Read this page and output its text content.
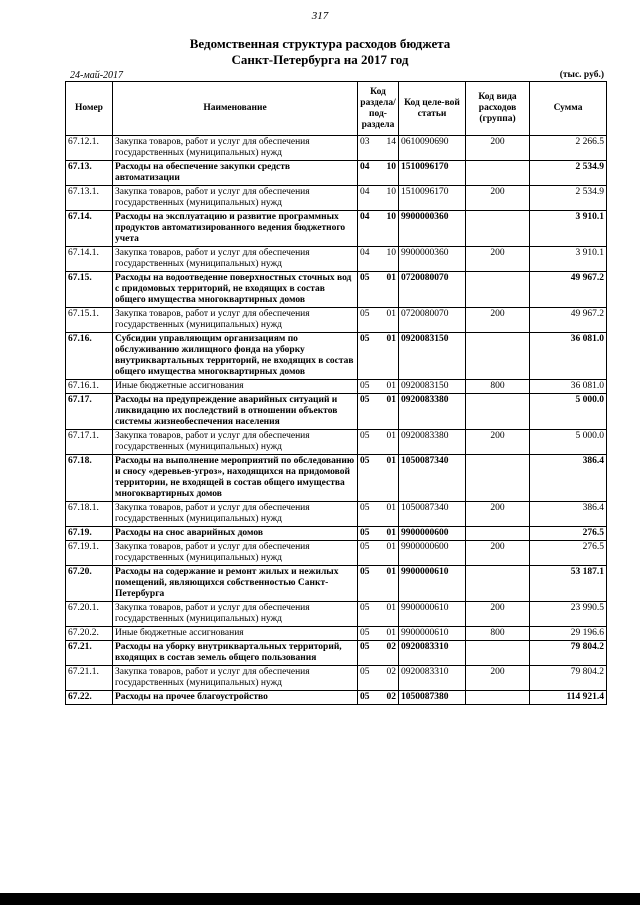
317
Ведомственная структура расходов бюджета
Санкт-Петербурга на 2017 год
24-май-2017	(тыс. руб.)
Номер	Наименование	Код раздела/ под-раздела		Код целе-вой статьи	Код вида расходов (группа)	Сумма
67.12.1.	Закупка товаров, работ и услуг для обеспечения государственных (муниципальных) нужд	03	14	0610090690	200	2 266.5
67.13.	Расходы на обеспечение закупки средств автоматизации	04	10	1510096170		2 534.9
67.13.1.	Закупка товаров, работ и услуг для обеспечения государственных (муниципальных) нужд	04	10	1510096170	200	2 534.9
67.14.	Расходы на эксплуатацию и развитие программных продуктов автоматизированного ведения бюджетного учета	04	10	9900000360		3 910.1
67.14.1.	Закупка товаров, работ и услуг для обеспечения государственных (муниципальных) нужд	04	10	9900000360	200	3 910.1
67.15.	Расходы на водоотведение поверхностных сточных вод с придомовых территорий, не входящих в состав общего имущества многоквартирных домов	05	01	0720080070		49 967.2
67.15.1.	Закупка товаров, работ и услуг для обеспечения государственных (муниципальных) нужд	05	01	0720080070	200	49 967.2
67.16.	Субсидии управляющим организациям по обслуживанию жилищного фонда на уборку внутриквартальных территорий, не входящих в состав общего имущества многоквартирных домов	05	01	0920083150		36 081.0
67.16.1.	Иные бюджетные ассигнования	05	01	0920083150	800	36 081.0
67.17.	Расходы на предупреждение аварийных ситуаций и ликвидацию их последствий в отношении объектов системы жизнеобеспечения населения	05	01	0920083380		5 000.0
67.17.1.	Закупка товаров, работ и услуг для обеспечения государственных (муниципальных) нужд	05	01	0920083380	200	5 000.0
67.18.	Расходы на выполнение мероприятий по обследованию и сносу «деревьев-угроз», находящихся на придомовой территории, не входящей в состав общего имущества многоквартирных домов	05	01	1050087340		386.4
67.18.1.	Закупка товаров, работ и услуг для обеспечения государственных (муниципальных) нужд	05	01	1050087340	200	386.4
67.19.	Расходы на снос аварийных домов	05	01	9900000600		276.5
67.19.1.	Закупка товаров, работ и услуг для обеспечения государственных (муниципальных) нужд	05	01	9900000600	200	276.5
67.20.	Расходы на содержание и ремонт жилых и нежилых помещений, являющихся собственностью Санкт-Петербурга	05	01	9900000610		53 187.1
67.20.1.	Закупка товаров, работ и услуг для обеспечения государственных (муниципальных) нужд	05	01	9900000610	200	23 990.5
67.20.2.	Иные бюджетные ассигнования	05	01	9900000610	800	29 196.6
67.21.	Расходы на уборку внутриквартальных территорий, входящих в состав земель общего пользования	05	02	0920083310		79 804.2
67.21.1.	Закупка товаров, работ и услуг для обеспечения государственных (муниципальных) нужд	05	02	0920083310	200	79 804.2
67.22.	Расходы на прочее благоустройство	05	02	1050087380		114 921.4
